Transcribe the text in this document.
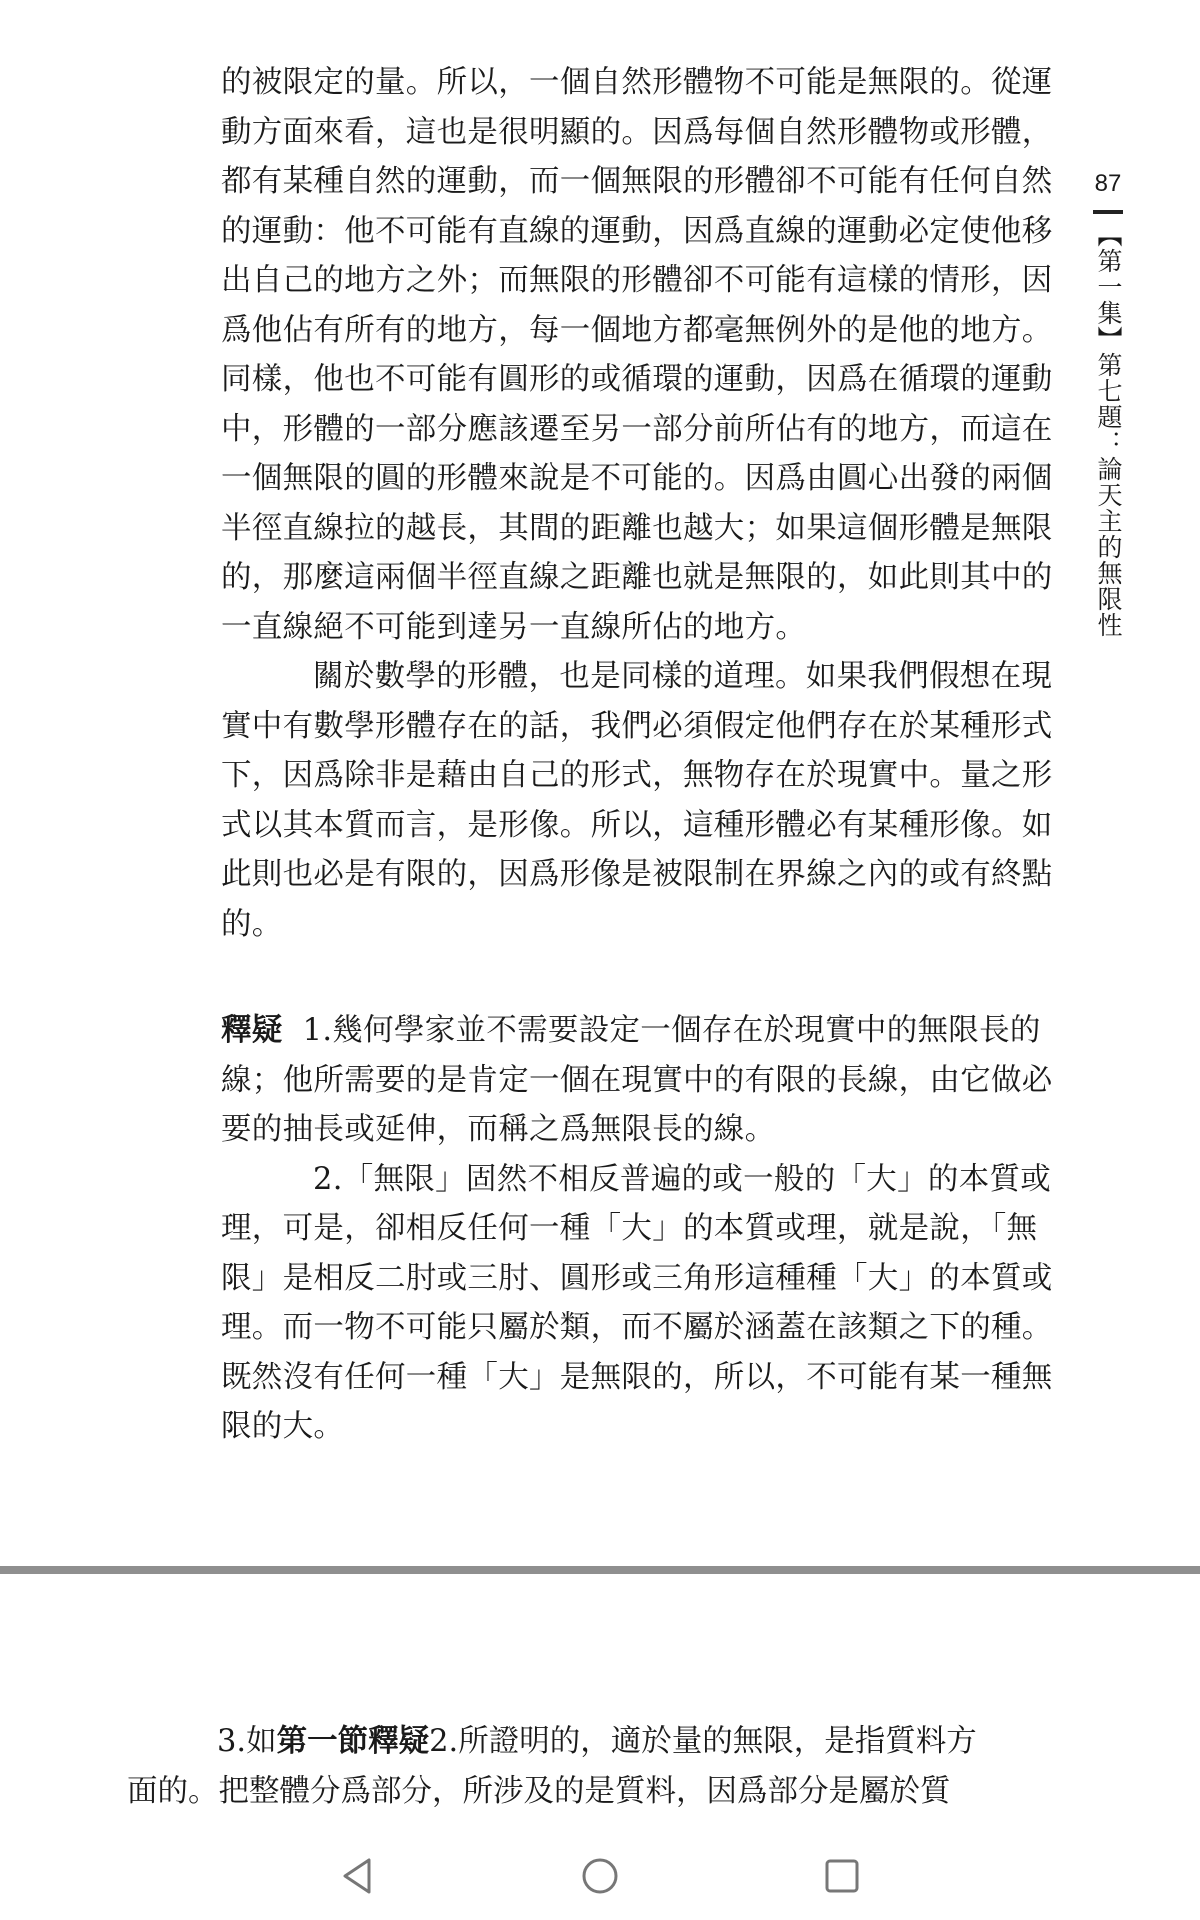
的被限定的量。所以，一個自然形體物不可能是無限的。從運
動方面來看，這也是很明顯的。因爲每個自然形體物或形體，
都有某種自然的運動，而一個無限的形體卻不可能有任何自然
的運動：他不可能有直線的運動，因爲直線的運動必定使他移
出自己的地方之外；而無限的形體卻不可能有這樣的情形，因
爲他佔有所有的地方，每一個地方都毫無例外的是他的地方。
同樣，他也不可能有圓形的或循環的運動，因爲在循環的運動
中，形體的一部分應該遷至另一部分前所佔有的地方，而這在
一個無限的圓的形體來說是不可能的。因爲由圓心出發的兩個
半徑直線拉的越長，其間的距離也越大；如果這個形體是無限
的，那麼這兩個半徑直線之距離也就是無限的，如此則其中的
一直線絕不可能到達另一直線所佔的地方。
關於數學的形體，也是同樣的道理。如果我們假想在現
實中有數學形體存在的話，我們必須假定他們存在於某種形式
下，因爲除非是藉由自己的形式，無物存在於現實中。量之形
式以其本質而言，是形像。所以，這種形體必有某種形像。如
此則也必是有限的，因爲形像是被限制在界線之內的或有終點
的。
釋疑 1.幾何學家並不需要設定一個存在於現實中的無限長的
線；他所需要的是肯定一個在現實中的有限的長線，由它做必
要的抽長或延伸，而稱之爲無限長的線。
2.「無限」固然不相反普遍的或一般的「大」的本質或
理，可是，卻相反任何一種「大」的本質或理，就是說，「無
限」是相反二肘或三肘、圓形或三角形這種種「大」的本質或
理。而一物不可能只屬於類，而不屬於涵蓋在該類之下的種。
既然沒有任何一種「大」是無限的，所以，不可能有某一種無
限的大。
87
【第一集】第七題：論天主的無限性
3.如第一節釋疑2.所證明的，適於量的無限，是指質料方
面的。把整體分爲部分，所涉及的是質料，因爲部分是屬於質
